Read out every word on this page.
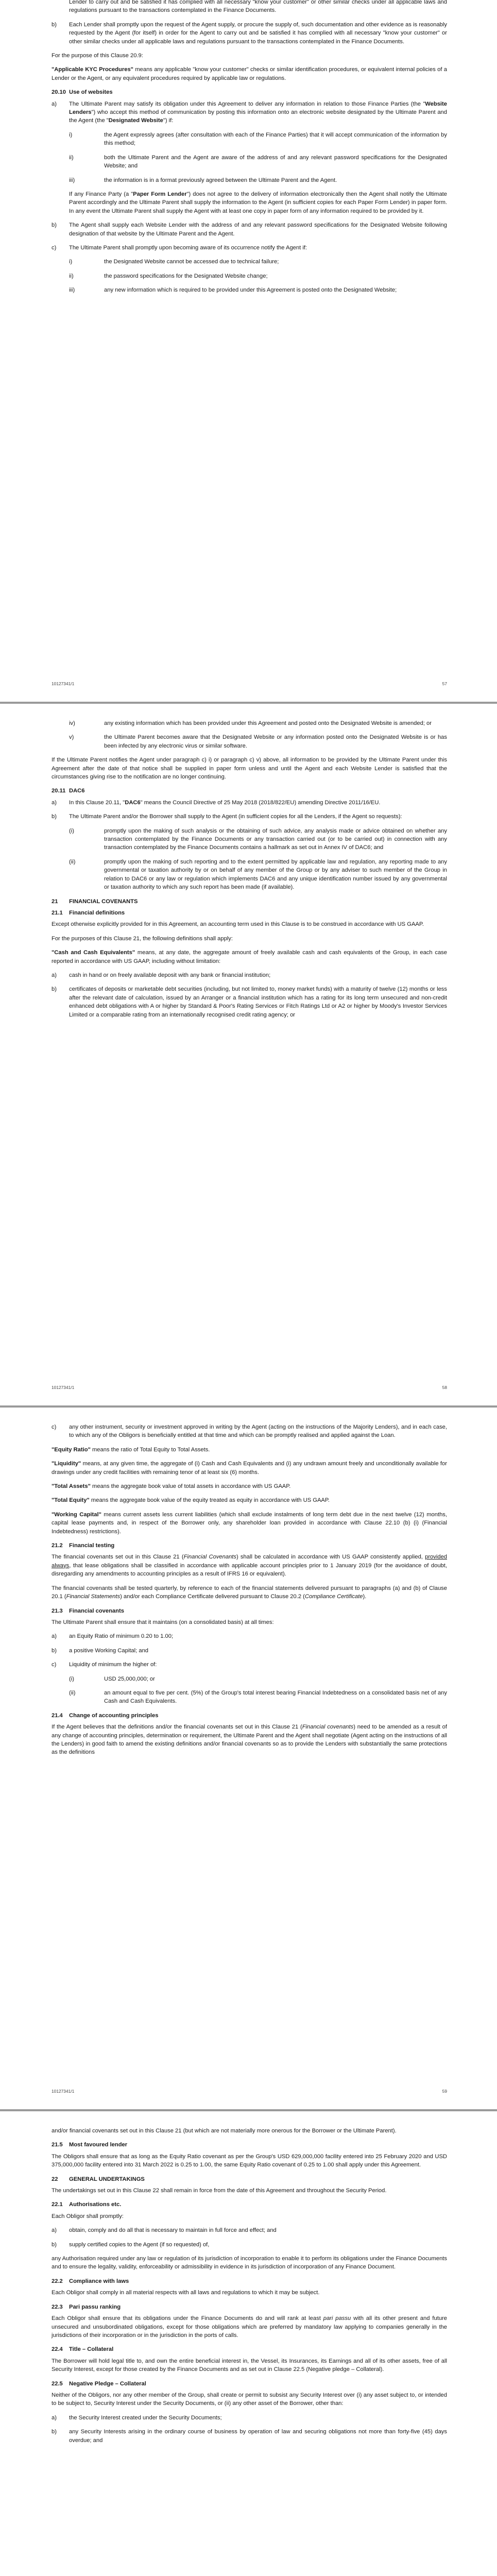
Lender to carry out and be satisfied it has complied with all necessary "know your customer" or other similar checks under all applicable laws and regulations pursuant to the transactions contemplated in the Finance Documents.
b) Each Lender shall promptly upon the request of the Agent supply, or procure the supply of, such documentation and other evidence as is reasonably requested by the Agent (for itself) in order for the Agent to carry out and be satisfied it has complied with all necessary "know your customer" or other similar checks under all applicable laws and regulations pursuant to the transactions contemplated in the Finance Documents.
For the purpose of this Clause 20.9:
"Applicable KYC Procedures" means any applicable "know your customer" checks or similar identification procedures, or equivalent internal policies of a Lender or the Agent, or any equivalent procedures required by applicable law or regulations.
20.10 Use of websites
a) The Ultimate Parent may satisfy its obligation under this Agreement to deliver any information in relation to those Finance Parties (the "Website Lenders") who accept this method of communication by posting this information onto an electronic website designated by the Ultimate Parent and the Agent (the "Designated Website") if:
i)	the Agent expressly agrees (after consultation with each of the Finance Parties) that it will accept communication of the information by this method;
ii)	both the Ultimate Parent and the Agent are aware of the address of and any relevant password specifications for the Designated Website; and
iii)	the information is in a format previously agreed between the Ultimate Parent and the Agent.
If any Finance Party (a "Paper Form Lender") does not agree to the delivery of information electronically then the Agent shall notify the Ultimate Parent accordingly and the Ultimate Parent shall supply the information to the Agent (in sufficient copies for each Paper Form Lender) in paper form. In any event the Ultimate Parent shall supply the Agent with at least one copy in paper form of any information required to be provided by it.
b) The Agent shall supply each Website Lender with the address of and any relevant password specifications for the Designated Website following designation of that website by the Ultimate Parent and the Agent.
c) The Ultimate Parent shall promptly upon becoming aware of its occurrence notify the Agent if:
i)	the Designated Website cannot be accessed due to technical failure;
ii)	the password specifications for the Designated Website change;
iii)	any new information which is required to be provided under this Agreement is posted onto the Designated Website;
10127341/1	57
iv)	any existing information which has been provided under this Agreement and posted onto the Designated Website is amended; or
v)	the Ultimate Parent becomes aware that the Designated Website or any information posted onto the Designated Website is or has been infected by any electronic virus or similar software.
If the Ultimate Parent notifies the Agent under paragraph c) i) or paragraph c) v) above, all information to be provided by the Ultimate Parent under this Agreement after the date of that notice shall be supplied in paper form unless and until the Agent and each Website Lender is satisfied that the circumstances giving rise to the notification are no longer continuing.
20.11 DAC6
a) In this Clause 20.11, "DAC6" means the Council Directive of 25 May 2018 (2018/822/EU) amending Directive 2011/16/EU.
b) The Ultimate Parent and/or the Borrower shall supply to the Agent (in sufficient copies for all the Lenders, if the Agent so requests):
(i)	promptly upon the making of such analysis or the obtaining of such advice, any analysis made or advice obtained on whether any transaction contemplated by the Finance Documents or any transaction carried out (or to be carried out) in connection with any transaction contemplated by the Finance Documents contains a hallmark as set out in Annex IV of DAC6; and
(ii)	promptly upon the making of such reporting and to the extent permitted by applicable law and regulation, any reporting made to any governmental or taxation authority by or on behalf of any member of the Group or by any adviser to such member of the Group in relation to DAC6 or any law or regulation which implements DAC6 and any unique identification number issued by any governmental or taxation authority to which any such report has been made (if available).
21 FINANCIAL COVENANTS
21.1 Financial definitions
Except otherwise explicitly provided for in this Agreement, an accounting term used in this Clause is to be construed in accordance with US GAAP.
For the purposes of this Clause 21, the following definitions shall apply:
"Cash and Cash Equivalents" means, at any date, the aggregate amount of freely available cash and cash equivalents of the Group, in each case reported in accordance with US GAAP, including without limitation:
a) cash in hand or on freely available deposit with any bank or financial institution;
b) certificates of deposits or marketable debt securities (including, but not limited to, money market funds) with a maturity of twelve (12) months or less after the relevant date of calculation, issued by an Arranger or a financial institution which has a rating for its long term unsecured and non-credit enhanced debt obligations with A or higher by Standard & Poor's Rating Services or Fitch Ratings Ltd or A2 or higher by Moody's Investor Services Limited or a comparable rating from an internationally recognised credit rating agency; or
10127341/1	58
c) any other instrument, security or investment approved in writing by the Agent (acting on the instructions of the Majority Lenders), and in each case, to which any of the Obligors is beneficially entitled at that time and which can be promptly realised and applied against the Loan.
"Equity Ratio" means the ratio of Total Equity to Total Assets.
"Liquidity" means, at any given time, the aggregate of (i) Cash and Cash Equivalents and (i) any undrawn amount freely and unconditionally available for drawings under any credit facilities with remaining tenor of at least six (6) months.
"Total Assets" means the aggregate book value of total assets in accordance with US GAAP.
"Total Equity" means the aggregate book value of the equity treated as equity in accordance with US GAAP.
"Working Capital" means current assets less current liabilities (which shall exclude instalments of long term debt due in the next twelve (12) months, capital lease payments and, in respect of the Borrower only, any shareholder loan provided in accordance with Clause 22.10 (b) (i) (Financial Indebtedness) restrictions).
21.2 Financial testing
The financial covenants set out in this Clause 21 (Financial Covenants) shall be calculated in accordance with US GAAP consistently applied, provided always, that lease obligations shall be classified in accordance with applicable account principles prior to 1 January 2019 (for the avoidance of doubt, disregarding any amendments to accounting principles as a result of IFRS 16 or equivalent).
The financial covenants shall be tested quarterly, by reference to each of the financial statements delivered pursuant to paragraphs (a) and (b) of Clause 20.1 (Financial Statements) and/or each Compliance Certificate delivered pursuant to Clause 20.2 (Compliance Certificate).
21.3 Financial covenants
The Ultimate Parent shall ensure that it maintains (on a consolidated basis) at all times:
a) an Equity Ratio of minimum 0.20 to 1.00;
b) a positive Working Capital; and
c) Liquidity of minimum the higher of:
(i)	USD 25,000,000; or
(ii)	an amount equal to five per cent. (5%) of the Group's total interest bearing Financial Indebtedness on a consolidated basis net of any Cash and Cash Equivalents.
21.4 Change of accounting principles
If the Agent believes that the definitions and/or the financial covenants set out in this Clause 21 (Financial covenants) need to be amended as a result of any change of accounting principles, determination or requirement, the Ultimate Parent and the Agent shall negotiate (Agent acting on the instructions of all the Lenders) in good faith to amend the existing definitions and/or financial covenants so as to provide the Lenders with substantially the same protections as the definitions
10127341/1	59
and/or financial covenants set out in this Clause 21 (but which are not materially more onerous for the Borrower or the Ultimate Parent).
21.5 Most favoured lender
The Obligors shall ensure that as long as the Equity Ratio covenant as per the Group's USD 629,000,000 facility entered into 25 February 2020 and USD 375,000,000 facility entered into 31 March 2022 is 0.25 to 1.00, the same Equity Ratio covenant of 0.25 to 1.00 shall apply under this Agreement.
22 GENERAL UNDERTAKINGS
The undertakings set out in this Clause 22 shall remain in force from the date of this Agreement and throughout the Security Period.
22.1 Authorisations etc.
Each Obligor shall promptly:
a) obtain, comply and do all that is necessary to maintain in full force and effect; and
b) supply certified copies to the Agent (if so requested) of,
any Authorisation required under any law or regulation of its jurisdiction of incorporation to enable it to perform its obligations under the Finance Documents and to ensure the legality, validity, enforceability or admissibility in evidence in its jurisdiction of incorporation of any Finance Document.
22.2 Compliance with laws
Each Obligor shall comply in all material respects with all laws and regulations to which it may be subject.
22.3 Pari passu ranking
Each Obligor shall ensure that its obligations under the Finance Documents do and will rank at least pari passu with all its other present and future unsecured and unsubordinated obligations, except for those obligations which are preferred by mandatory law applying to companies generally in the jurisdictions of their incorporation or in the jurisdiction in the ports of calls.
22.4 Title – Collateral
The Borrower will hold legal title to, and own the entire beneficial interest in, the Vessel, its Insurances, its Earnings and all of its other assets, free of all Security Interest, except for those created by the Finance Documents and as set out in Clause 22.5 (Negative pledge – Collateral).
22.5 Negative Pledge – Collateral
Neither of the Obligors, nor any other member of the Group, shall create or permit to subsist any Security Interest over (i) any asset subject to, or intended to be subject to, Security Interest under the Security Documents, or (ii) any other asset of the Borrower, other than:
a) the Security Interest created under the Security Documents;
b) any Security Interests arising in the ordinary course of business by operation of law and securing obligations not more than forty-five (45) days overdue; and
